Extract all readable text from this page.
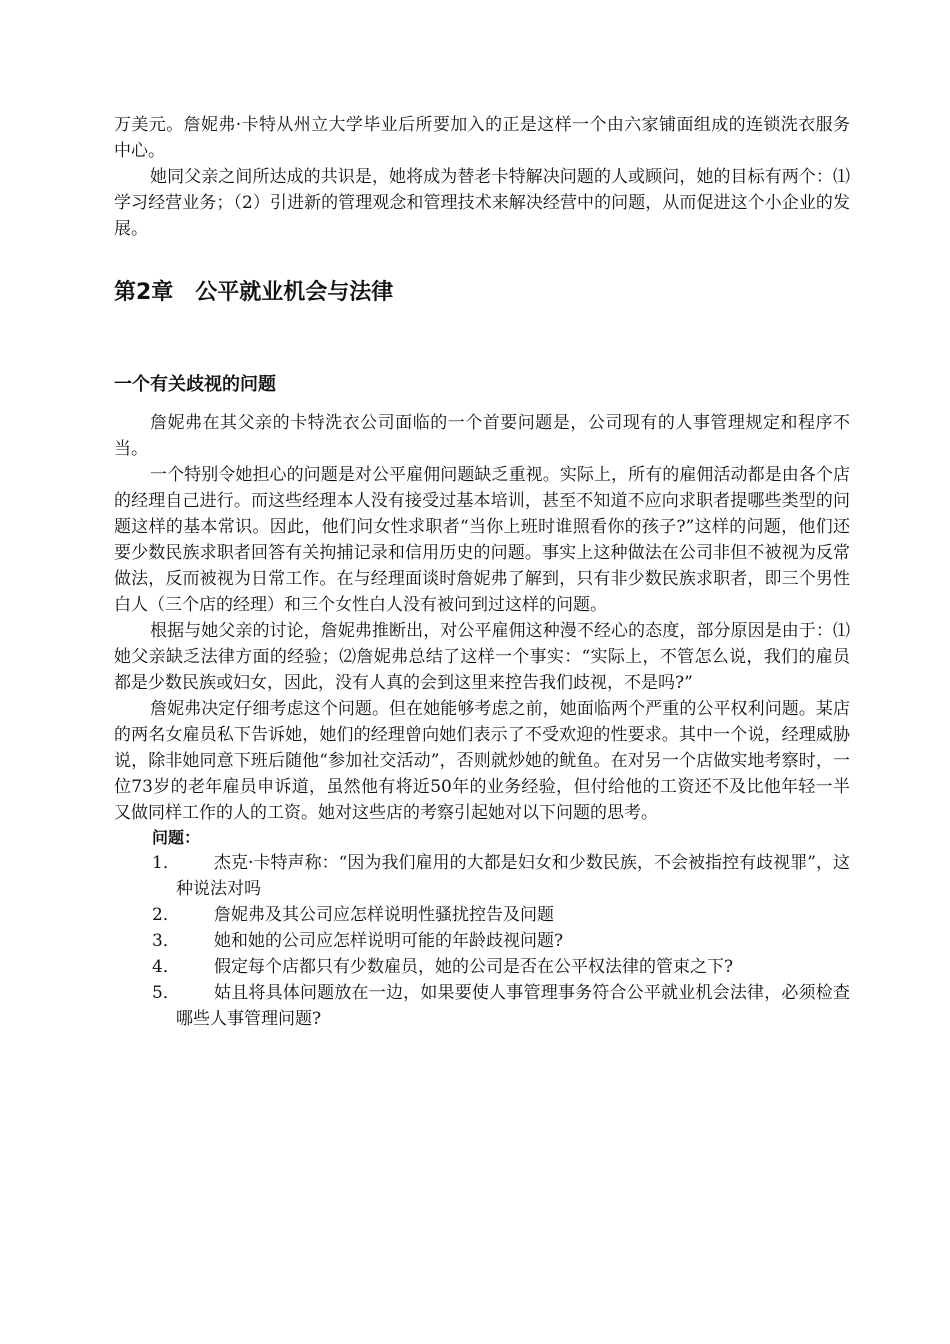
万美元。詹妮弗·卡特从州立大学毕业后所要加入的正是这样一个由六家铺面组成的连锁洗衣服务中心。

她同父亲之间所达成的共识是，她将成为替老卡特解决问题的人或顾问，她的目标有两个：⑴学习经营业务；（2）引进新的管理观念和管理技术来解决经营中的问题，从而促进这个小企业的发展。

第2章　公平就业机会与法律
一个有关歧视的问题

詹妮弗在其父亲的卡特洗衣公司面临的一个首要问题是，公司现有的人事管理规定和程序不当。

一个特别令她担心的问题是对公平雇佣问题缺乏重视。实际上，所有的雇佣活动都是由各个店的经理自己进行。而这些经理本人没有接受过基本培训，甚至不知道不应向求职者提哪些类型的问题这样的基本常识。因此，他们问女性求职者“当你上班时谁照看你的孩子?”这样的问题，他们还要少数民族求职者回答有关拘捕记录和信用历史的问题。事实上这种做法在公司非但不被视为反常做法，反而被视为日常工作。在与经理面谈时詹妮弗了解到，只有非少数民族求职者，即三个男性白人（三个店的经理）和三个女性白人没有被问到过这样的问题。

根据与她父亲的讨论，詹妮弗推断出，对公平雇佣这种漫不经心的态度，部分原因是由于：⑴她父亲缺乏法律方面的经验；⑵詹妮弗总结了这样一个事实：“实际上，不管怎么说，我们的雇员都是少数民族或妇女，因此，没有人真的会到这里来控告我们歧视，不是吗?”

詹妮弗决定仔细考虑这个问题。但在她能够考虑之前，她面临两个严重的公平权利问题。某店的两名女雇员私下告诉她，她们的经理曾向她们表示了不受欢迎的性要求。其中一个说，经理威胁说，除非她同意下班后随他“参加社交活动”，否则就炒她的鱿鱼。在对另一个店做实地考察时，一位73岁的老年雇员申诉道，虽然他有将近50年的业务经验，但付给他的工资还不及比他年轻一半又做同样工作的人的工资。她对这些店的考察引起她对以下问题的思考。

问题：
1．	杰克·卡特声称：“因为我们雇用的大都是妇女和少数民族，不会被指控有歧视罪”，这种说法对吗
2．	詹妮弗及其公司应怎样说明性骚扰控告及问题
3．	她和她的公司应怎样说明可能的年龄歧视问题?
4．	假定每个店都只有少数雇员，她的公司是否在公平权法律的管束之下?
5．	姑且将具体问题放在一边，如果要使人事管理事务符合公平就业机会法律，必须检查哪些人事管理问题?
